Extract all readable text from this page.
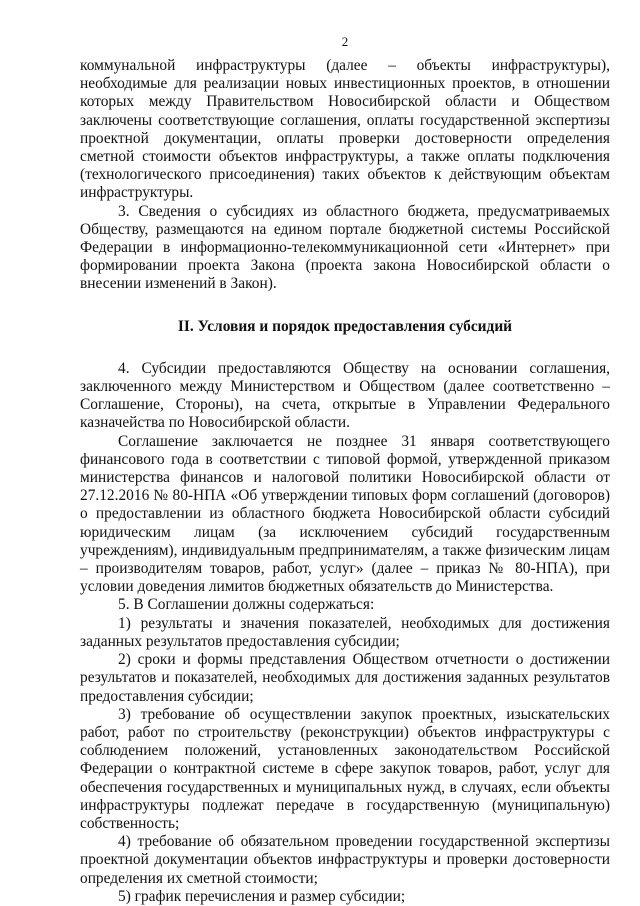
2

коммунальной инфраструктуры (далее – объекты инфраструктуры), необходимые для реализации новых инвестиционных проектов, в отношении которых между Правительством Новосибирской области и Обществом заключены соответствующие соглашения, оплаты государственной экспертизы проектной документации, оплаты проверки достоверности определения сметной стоимости объектов инфраструктуры, а также оплаты подключения (технологического присоединения) таких объектов к действующим объектам инфраструктуры.

3. Сведения о субсидиях из областного бюджета, предусматриваемых Обществу, размещаются на едином портале бюджетной системы Российской Федерации в информационно-телекоммуникационной сети «Интернет» при формировании проекта Закона (проекта закона Новосибирской области о внесении изменений в Закон).

II. Условия и порядок предоставления субсидий

4. Субсидии предоставляются Обществу на основании соглашения, заключенного между Министерством и Обществом (далее соответственно – Соглашение, Стороны), на счета, открытые в Управлении Федерального казначейства по Новосибирской области.

Соглашение заключается не позднее 31 января соответствующего финансового года в соответствии с типовой формой, утвержденной приказом министерства финансов и налоговой политики Новосибирской области от 27.12.2016 № 80-НПА «Об утверждении типовых форм соглашений (договоров) о предоставлении из областного бюджета Новосибирской области субсидий юридическим лицам (за исключением субсидий государственным учреждениям), индивидуальным предпринимателям, а также физическим лицам – производителям товаров, работ, услуг» (далее – приказ № 80-НПА), при условии доведения лимитов бюджетных обязательств до Министерства.

5. В Соглашении должны содержаться:

1) результаты и значения показателей, необходимых для достижения заданных результатов предоставления субсидии;

2) сроки и формы представления Обществом отчетности о достижении результатов и показателей, необходимых для достижения заданных результатов предоставления субсидии;

3) требование об осуществлении закупок проектных, изыскательских работ, работ по строительству (реконструкции) объектов инфраструктуры с соблюдением положений, установленных законодательством Российской Федерации о контрактной системе в сфере закупок товаров, работ, услуг для обеспечения государственных и муниципальных нужд, в случаях, если объекты инфраструктуры подлежат передаче в государственную (муниципальную) собственность;

4) требование об обязательном проведении государственной экспертизы проектной документации объектов инфраструктуры и проверки достоверности определения их сметной стоимости;

5) график перечисления и размер субсидии;
